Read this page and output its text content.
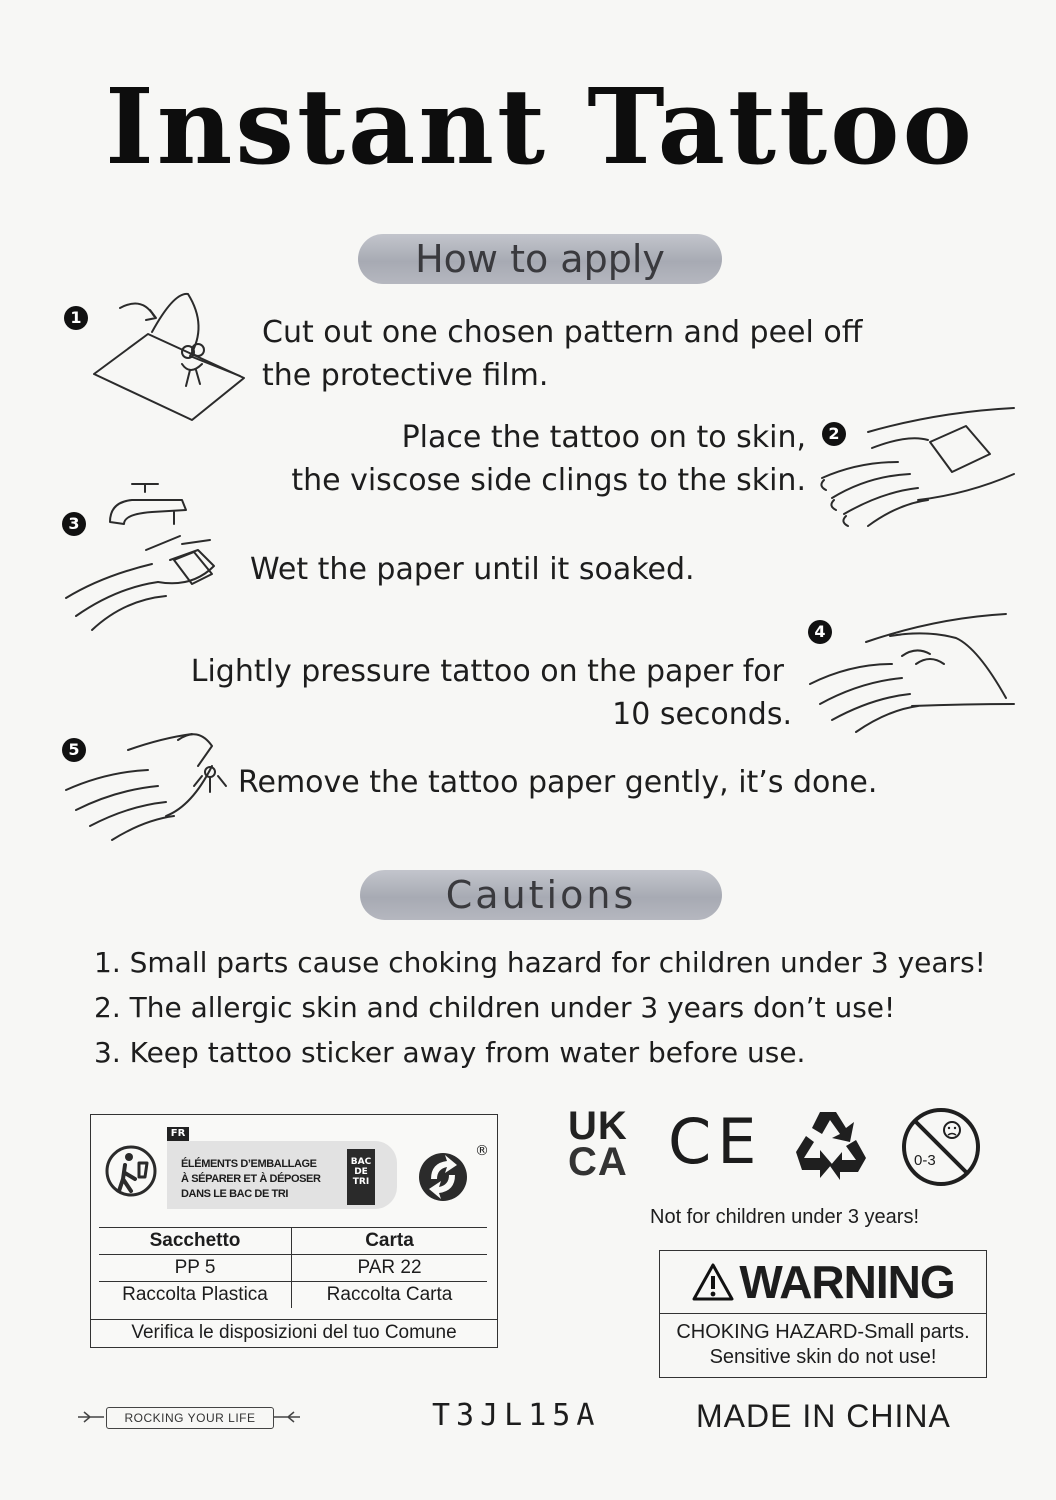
Instant Tattoo
How to apply
1	Cut out one chosen pattern and peel off
the protective film.
Place the tattoo on to skin,
the viscose side clings to the skin.
2
3
Wet the paper until it soaked.
4
Lightly pressure tattoo on the paper for
10 seconds.
5
Remove the tattoo paper gently, it’s done.
Cautions
1. Small parts cause choking hazard for children under 3 years!
2. The allergic skin and children under 3 years don’t use!
3. Keep tattoo sticker away from water before use.
FR
ÉLÉMENTS D’EMBALLAGE
À SÉPARER ET À DÉPOSER
DANS LE BAC DE TRI
BAC
DE
TRI
®
Sacchetto	Carta
PP 5	PAR 22
Raccolta Plastica	Raccolta Carta
Verifica le disposizioni del tuo Comune
UK
CA CE	0-3
Not for children under 3 years!
WARNING
CHOKING HAZARD-Small parts.
Sensitive skin do not use!
ROCKING YOUR LIFE	T3JL15A	MADE IN CHINA
